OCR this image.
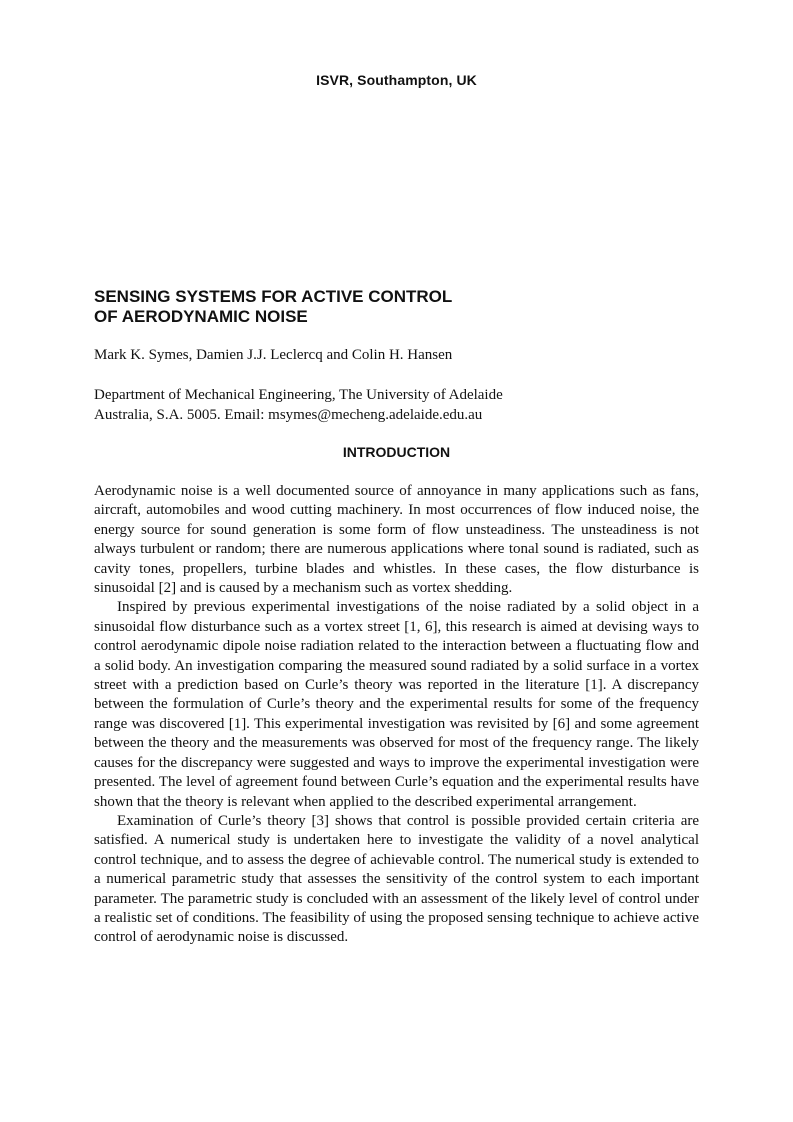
ISVR, Southampton, UK
SENSING SYSTEMS FOR ACTIVE CONTROL
OF AERODYNAMIC NOISE
Mark K. Symes, Damien J.J. Leclercq and Colin H. Hansen
Department of Mechanical Engineering, The University of Adelaide
Australia, S.A. 5005. Email: msymes@mecheng.adelaide.edu.au
INTRODUCTION

Aerodynamic noise is a well documented source of annoyance in many applications such as fans, aircraft, automobiles and wood cutting machinery. In most occurrences of flow induced noise, the energy source for sound generation is some form of flow unsteadiness. The unsteadiness is not always turbulent or random; there are numerous applications where tonal sound is radiated, such as cavity tones, propellers, turbine blades and whistles. In these cases, the flow disturbance is sinusoidal [2] and is caused by a mechanism such as vortex shedding.

Inspired by previous experimental investigations of the noise radiated by a solid object in a sinusoidal flow disturbance such as a vortex street [1, 6], this research is aimed at devising ways to control aerodynamic dipole noise radiation related to the interaction between a fluctuating flow and a solid body. An investigation comparing the measured sound radiated by a solid surface in a vortex street with a prediction based on Curle’s theory was reported in the literature [1]. A discrepancy between the formulation of Curle’s theory and the experimental results for some of the frequency range was discovered [1]. This experimental investigation was revisited by [6] and some agreement between the theory and the measurements was observed for most of the frequency range. The likely causes for the discrepancy were suggested and ways to improve the experimental investigation were presented. The level of agreement found between Curle’s equation and the experimental results have shown that the theory is relevant when applied to the described experimental arrangement.

Examination of Curle’s theory [3] shows that control is possible provided certain criteria are satisfied. A numerical study is undertaken here to investigate the validity of a novel analytical control technique, and to assess the degree of achievable control. The numerical study is extended to a numerical parametric study that assesses the sensitivity of the control system to each important parameter. The parametric study is concluded with an assessment of the likely level of control under a realistic set of conditions. The feasibility of using the proposed sensing technique to achieve active control of aerodynamic noise is discussed.
